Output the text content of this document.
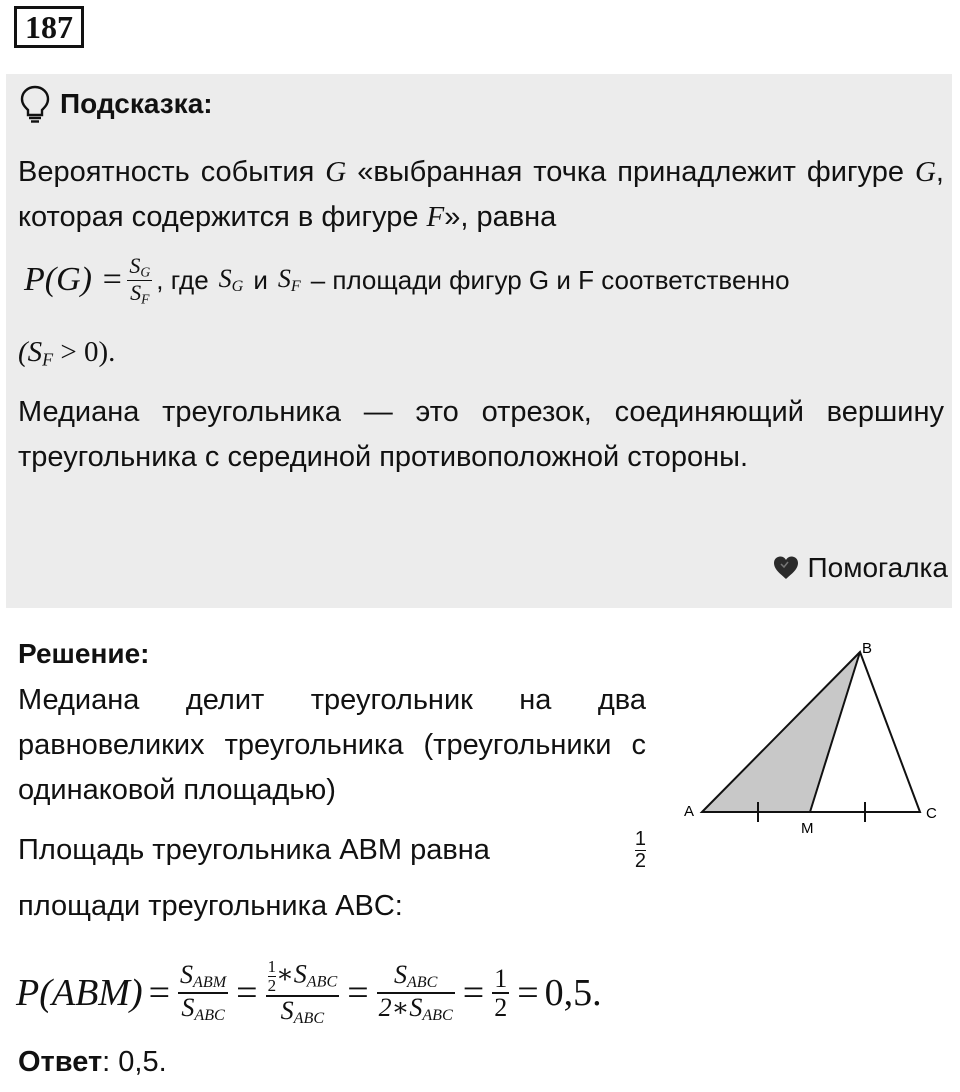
187
Подсказка:
Вероятность события G «выбранная точка принадлежит фигуре G, которая содержится в фигуре F», равна
$P(G) = \frac{S_G}{S_F}$ , где $S_G$ и $S_F$ – площади фигур G и F соответственно
$(S_F > 0)$.
Медиана треугольника — это отрезок, соединяющий вершину треугольника с серединой противоположной стороны.
Помогалка
Решение:
Медиана делит треугольник на два равновеликих треугольника (треугольники с одинаковой площадью)
Площадь треугольника ABM равна	$\frac{1}{2}$
площади треугольника ABC:
A
B
C
M
$P(ABM) = \frac{S_{ABM}}{S_{ABC}} = \frac{\frac{1}{2} ∗S_{ABC}}{S_{ABC}} = \frac{S_{ABC}}{2∗S_{ABC}} = \frac{1}{2} = 0,5$.
Ответ: 0,5.
